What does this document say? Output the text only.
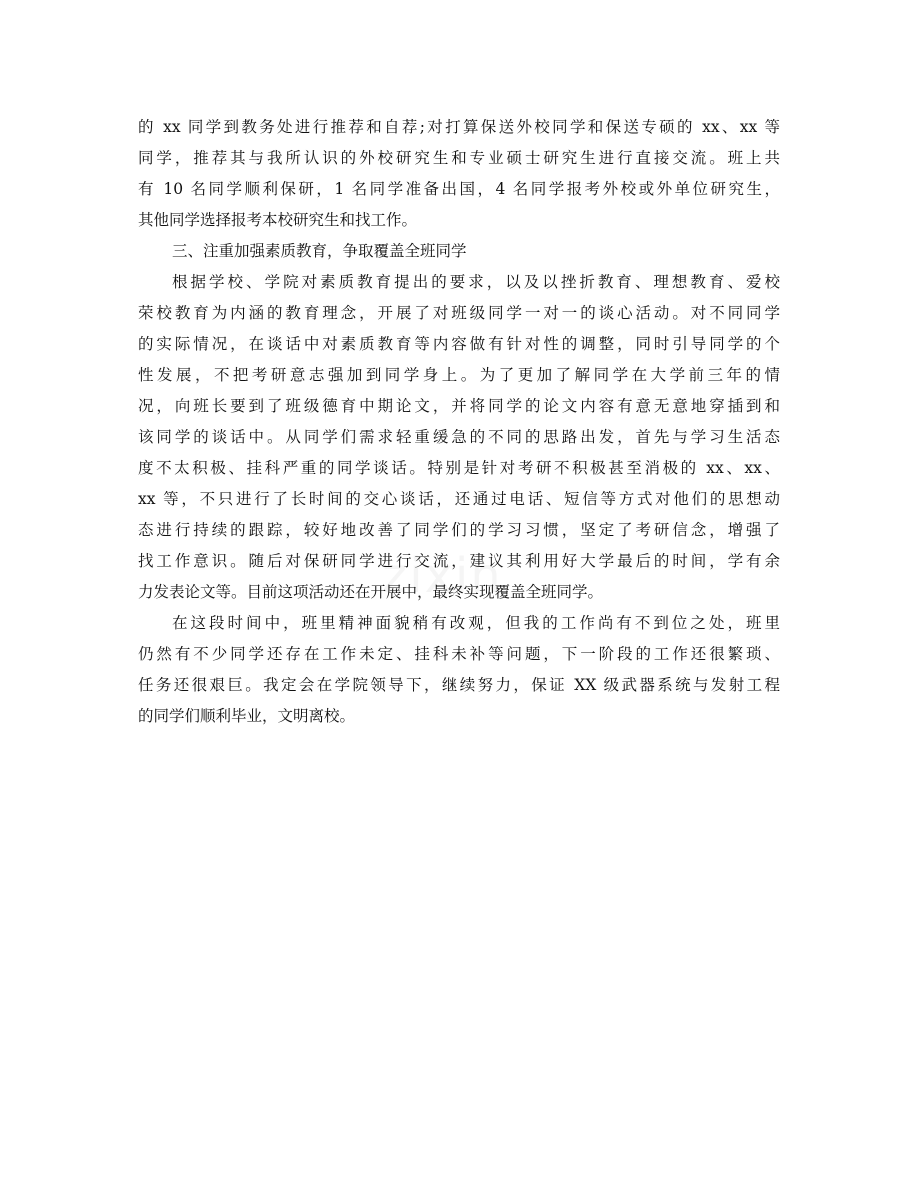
的 xx 同学到教务处进行推荐和自荐;对打算保送外校同学和保送专硕的 xx、xx 等
同学，推荐其与我所认识的外校研究生和专业硕士研究生进行直接交流。班上共
有 10 名同学顺利保研，1 名同学准备出国，4 名同学报考外校或外单位研究生，
其他同学选择报考本校研究生和找工作。
三、注重加强素质教育，争取覆盖全班同学
根据学校、学院对素质教育提出的要求，以及以挫折教育、理想教育、爱校
荣校教育为内涵的教育理念，开展了对班级同学一对一的谈心活动。对不同同学
的实际情况，在谈话中对素质教育等内容做有针对性的调整，同时引导同学的个
性发展，不把考研意志强加到同学身上。为了更加了解同学在大学前三年的情
况，向班长要到了班级德育中期论文，并将同学的论文内容有意无意地穿插到和
该同学的谈话中。从同学们需求轻重缓急的不同的思路出发，首先与学习生活态
度不太积极、挂科严重的同学谈话。特别是针对考研不积极甚至消极的 xx、xx、
xx 等，不只进行了长时间的交心谈话，还通过电话、短信等方式对他们的思想动
态进行持续的跟踪，较好地改善了同学们的学习习惯，坚定了考研信念，增强了
找工作意识。随后对保研同学进行交流，建议其利用好大学最后的时间，学有余
力发表论文等。目前这项活动还在开展中，最终实现覆盖全班同学。
在这段时间中，班里精神面貌稍有改观，但我的工作尚有不到位之处，班里
仍然有不少同学还存在工作未定、挂科未补等问题，下一阶段的工作还很繁琐、
任务还很艰巨。我定会在学院领导下，继续努力，保证 XX 级武器系统与发射工程
的同学们顺利毕业，文明离校。
